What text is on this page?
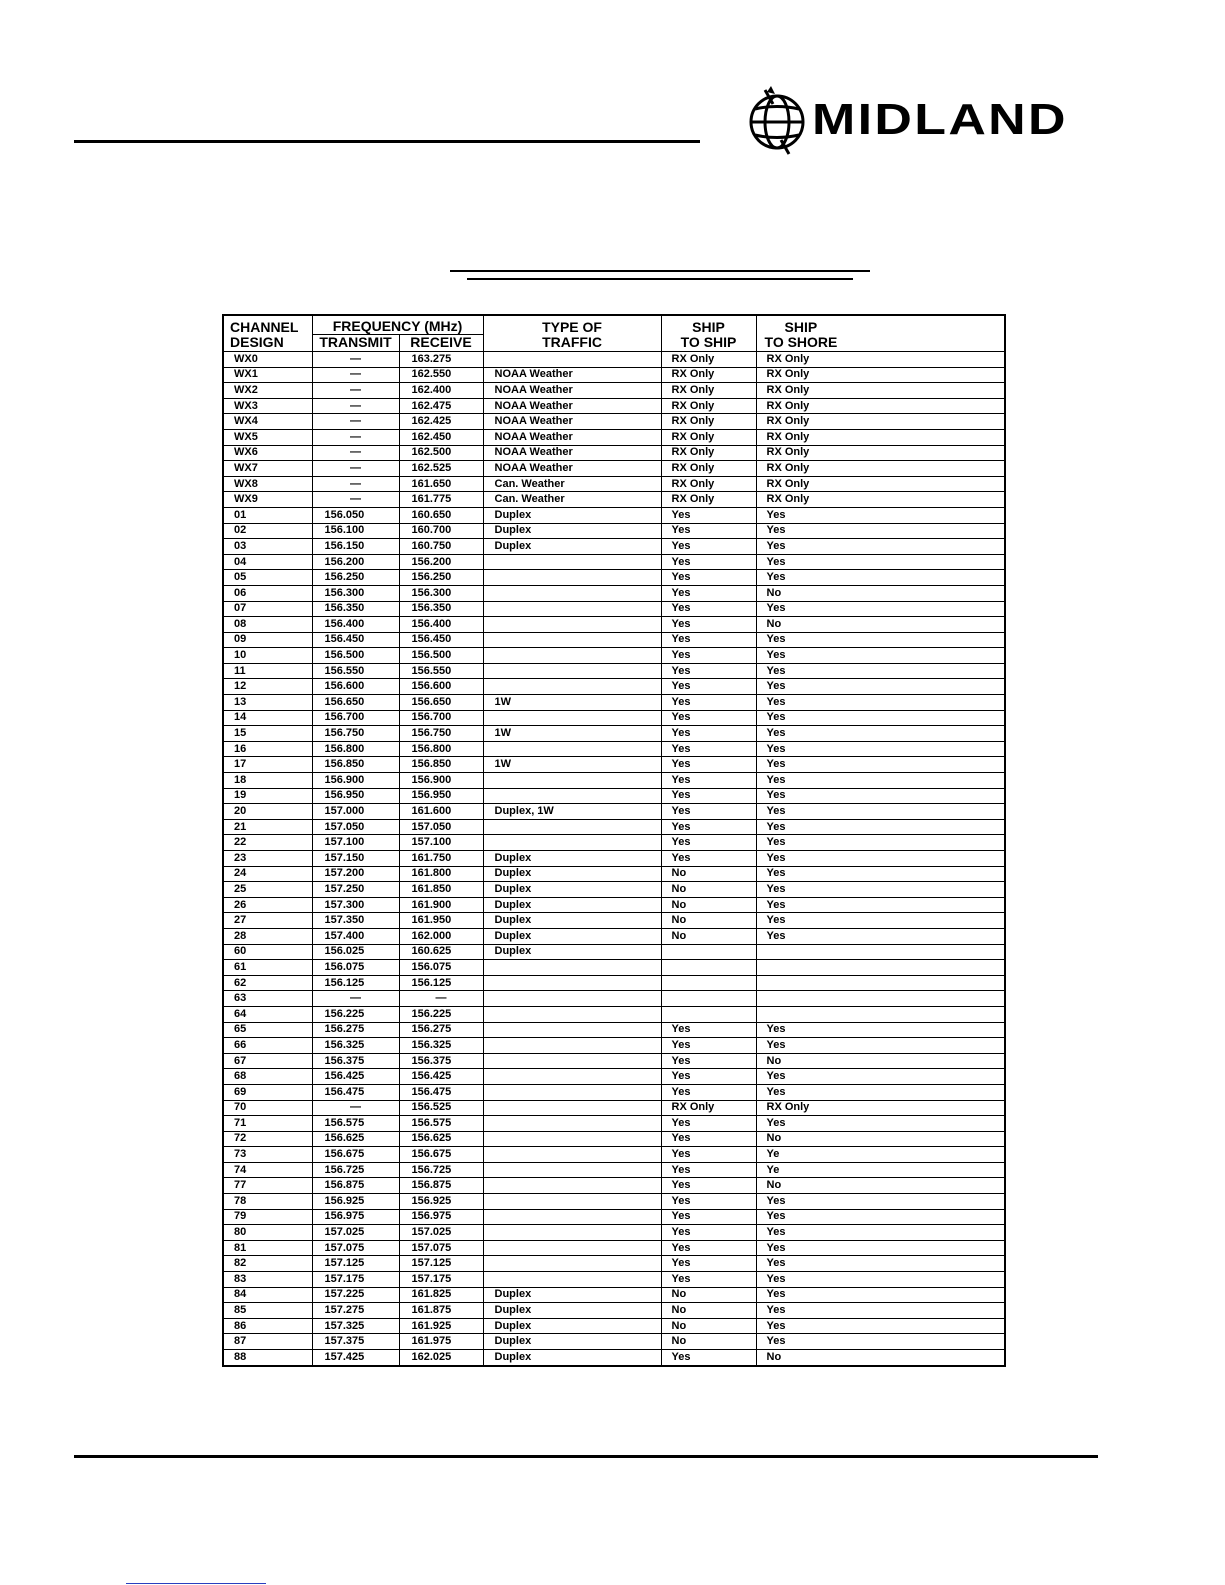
MIDLAND
CHANNEL	FREQUENCY (MHz)		TYPE OF	SHIP	SHIP
DESIGN	TRANSMIT	RECEIVE	TRAFFIC	TO SHIP	TO SHORE
WX0	—	163.275		RX Only	RX Only
WX1	—	162.550	NOAA Weather	RX Only	RX Only
WX2	—	162.400	NOAA Weather	RX Only	RX Only
WX3	—	162.475	NOAA Weather	RX Only	RX Only
WX4	—	162.425	NOAA Weather	RX Only	RX Only
WX5	—	162.450	NOAA Weather	RX Only	RX Only
WX6	—	162.500	NOAA Weather	RX Only	RX Only
WX7	—	162.525	NOAA Weather	RX Only	RX Only
WX8	—	161.650	Can. Weather	RX Only	RX Only
WX9	—	161.775	Can. Weather	RX Only	RX Only
01	156.050	160.650	Duplex	Yes	Yes
02	156.100	160.700	Duplex	Yes	Yes
03	156.150	160.750	Duplex	Yes	Yes
04	156.200	156.200		Yes	Yes
05	156.250	156.250		Yes	Yes
06	156.300	156.300		Yes	No
07	156.350	156.350		Yes	Yes
08	156.400	156.400		Yes	No
09	156.450	156.450		Yes	Yes
10	156.500	156.500		Yes	Yes
11	156.550	156.550		Yes	Yes
12	156.600	156.600		Yes	Yes
13	156.650	156.650	1W	Yes	Yes
14	156.700	156.700		Yes	Yes
15	156.750	156.750	1W	Yes	Yes
16	156.800	156.800		Yes	Yes
17	156.850	156.850	1W	Yes	Yes
18	156.900	156.900		Yes	Yes
19	156.950	156.950		Yes	Yes
20	157.000	161.600	Duplex, 1W	Yes	Yes
21	157.050	157.050		Yes	Yes
22	157.100	157.100		Yes	Yes
23	157.150	161.750	Duplex	Yes	Yes
24	157.200	161.800	Duplex	No	Yes
25	157.250	161.850	Duplex	No	Yes
26	157.300	161.900	Duplex	No	Yes
27	157.350	161.950	Duplex	No	Yes
28	157.400	162.000	Duplex	No	Yes
60	156.025	160.625	Duplex		
61	156.075	156.075			
62	156.125	156.125			
63	—	—			
64	156.225	156.225			
65	156.275	156.275		Yes	Yes
66	156.325	156.325		Yes	Yes
67	156.375	156.375		Yes	No
68	156.425	156.425		Yes	Yes
69	156.475	156.475		Yes	Yes
70	—	156.525		RX Only	RX Only
71	156.575	156.575		Yes	Yes
72	156.625	156.625		Yes	No
73	156.675	156.675		Yes	Ye
74	156.725	156.725		Yes	Ye
77	156.875	156.875		Yes	No
78	156.925	156.925		Yes	Yes
79	156.975	156.975		Yes	Yes
80	157.025	157.025		Yes	Yes
81	157.075	157.075		Yes	Yes
82	157.125	157.125		Yes	Yes
83	157.175	157.175		Yes	Yes
84	157.225	161.825	Duplex	No	Yes
85	157.275	161.875	Duplex	No	Yes
86	157.325	161.925	Duplex	No	Yes
87	157.375	161.975	Duplex	No	Yes
88	157.425	162.025	Duplex	Yes	No
